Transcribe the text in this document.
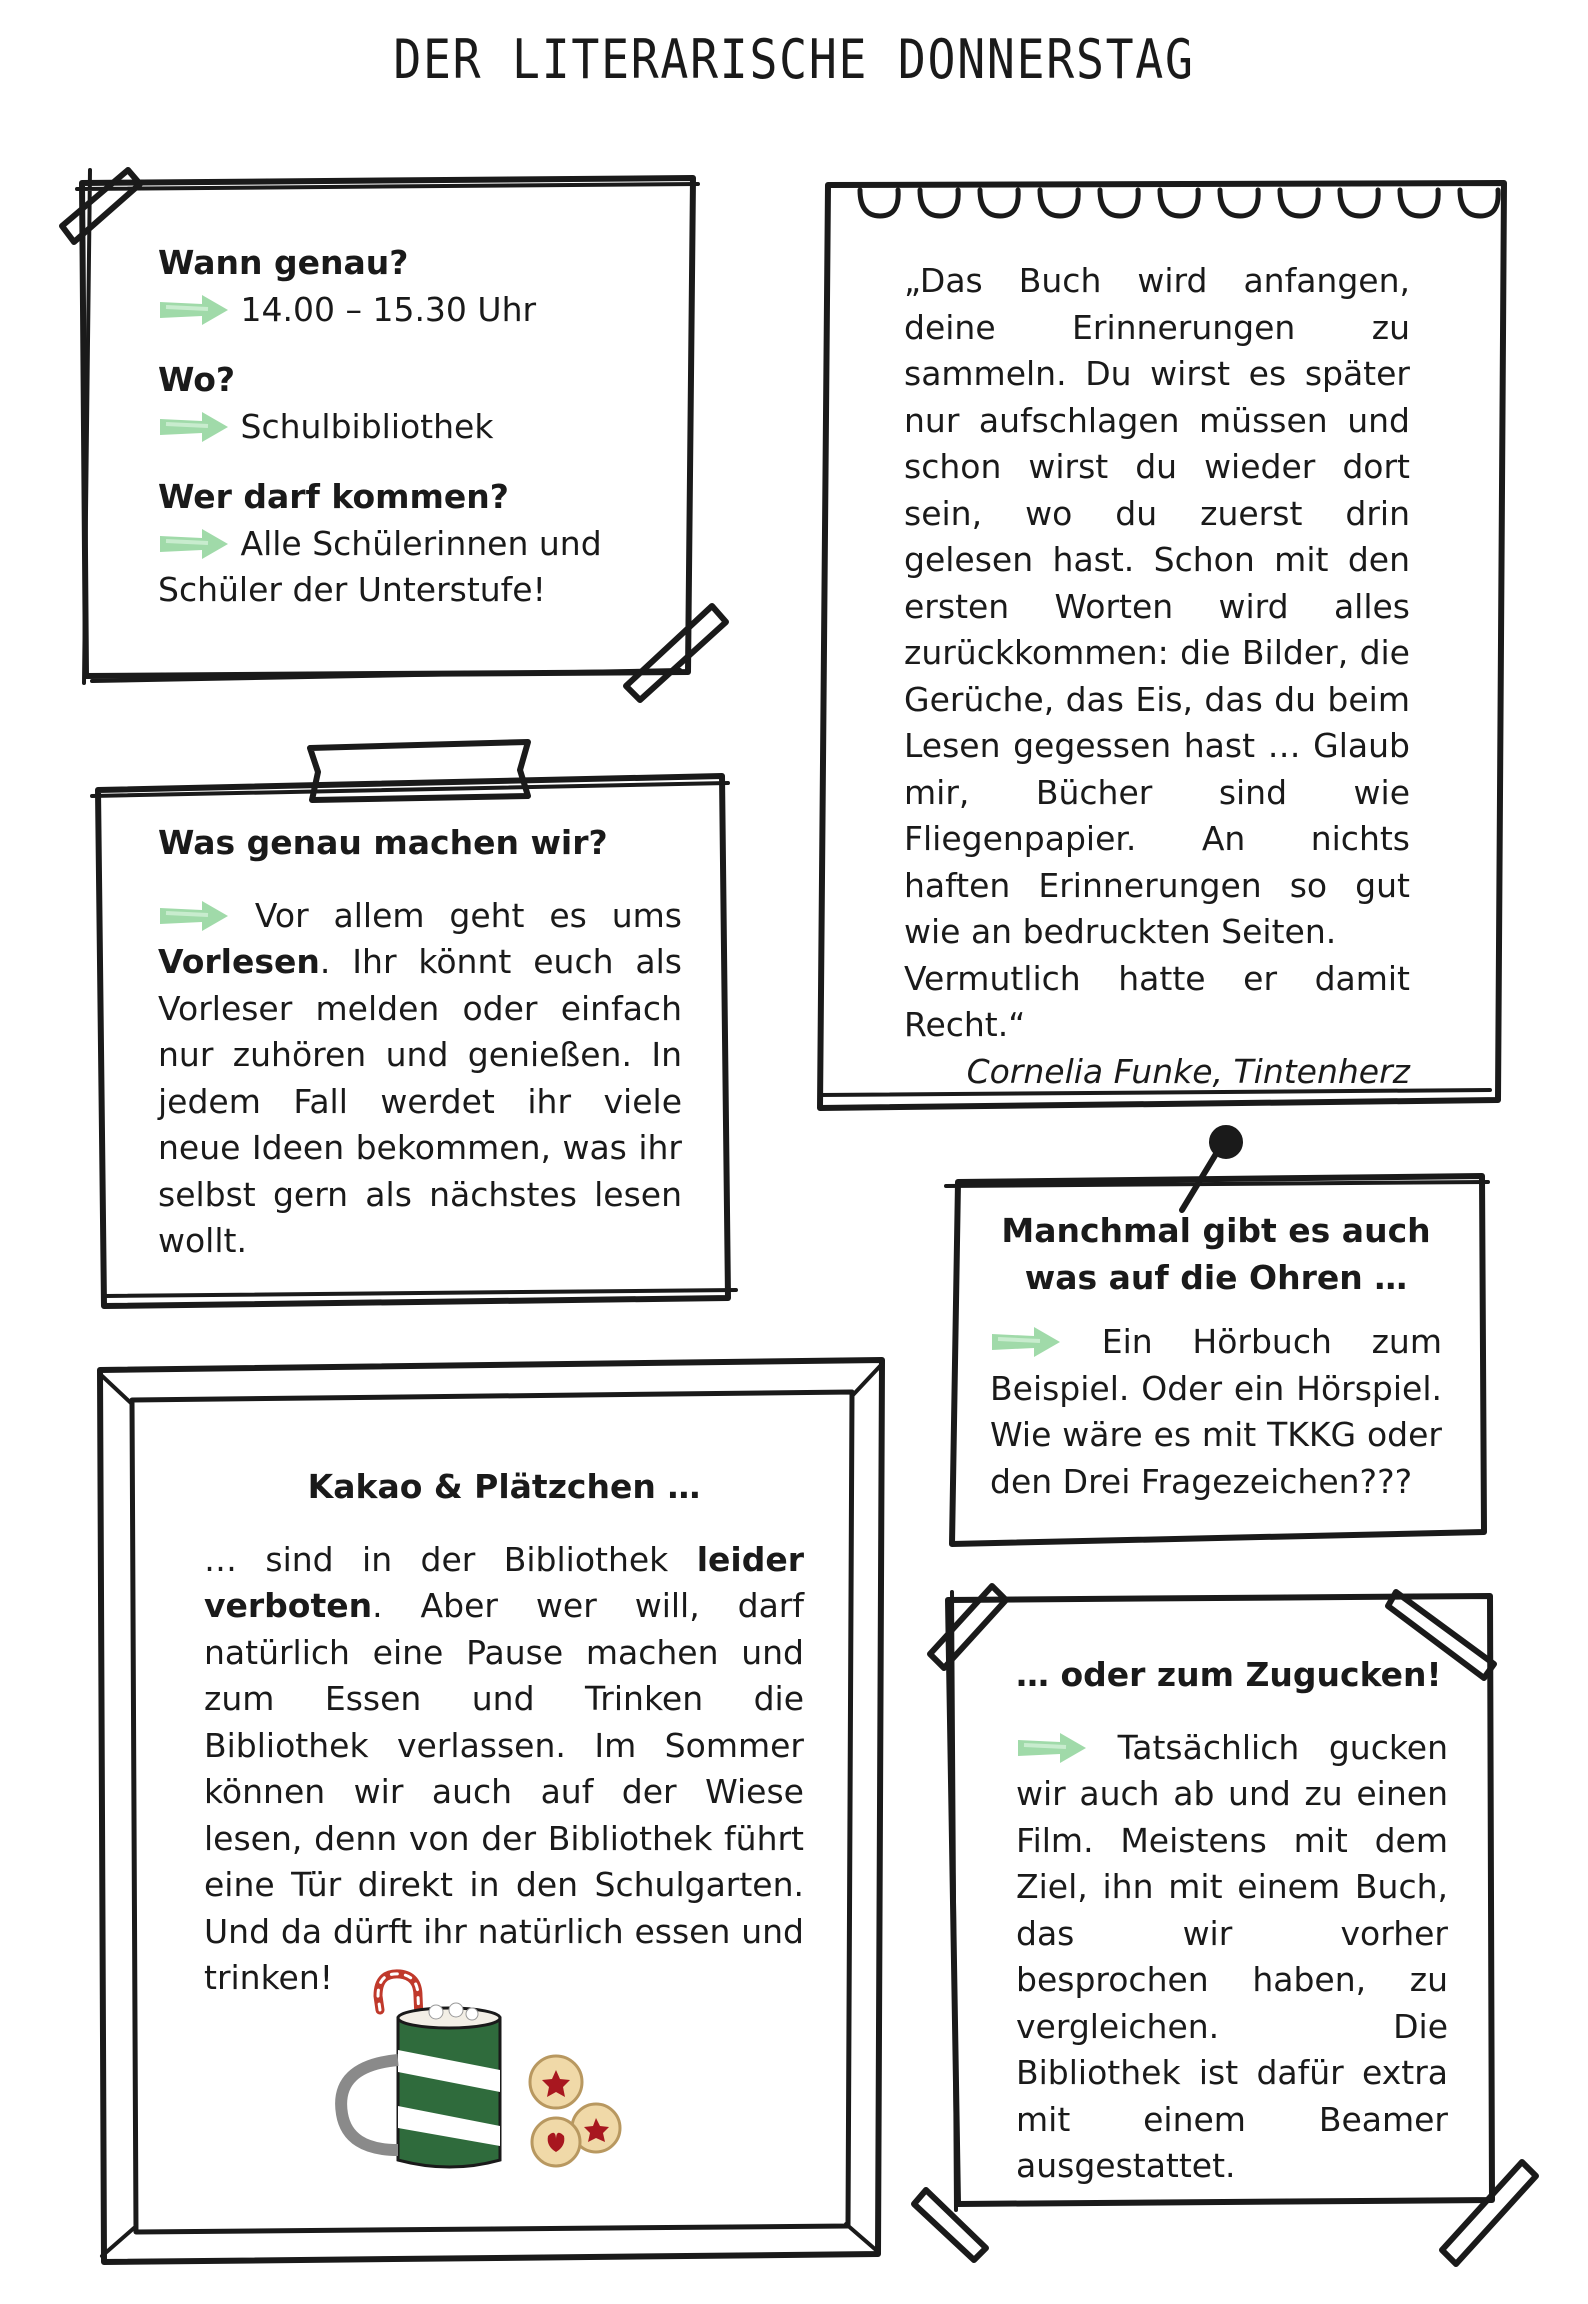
DER LITERARISCHE DONNERSTAG

Wann genau?

14.00 – 15.30 Uhr

Wo?

Schulbibliothek

Wer darf kommen?

Alle Schülerinnen und

Schüler der Unterstufe!

„Das Buch wird anfangen, deine Erinnerungen zu sammeln. Du wirst es später nur aufschlagen müssen und schon wirst du wieder dort sein, wo du zuerst drin gelesen hast. Schon mit den ersten Worten wird alles zurückkommen: die Bilder, die Gerüche, das Eis, das du beim Lesen gegessen hast … Glaub mir, Bücher sind wie Fliegenpapier. An nichts haften Erinnerungen so gut wie an bedruckten Seiten.

Vermutlich hatte er damit Recht.“

Cornelia Funke, Tintenherz

Was genau machen wir?

Vor allem geht es ums Vorlesen. Ihr könnt euch als Vorleser melden oder einfach nur zuhören und genießen. In jedem Fall werdet ihr viele neue Ideen bekommen, was ihr selbst gern als nächstes lesen wollt.	Manchmal gibt es auch

was auf die Ohren …

Ein Hörbuch zum Beispiel. Oder ein Hörspiel. Wie wäre es mit TKKG oder den Drei Fragezeichen???

Kakao & Plätzchen …

… sind in der Bibliothek leider verboten. Aber wer will, darf natürlich eine Pause machen und zum Essen und Trinken die Bibliothek verlassen. Im Sommer können wir auch auf der Wiese lesen, denn von der Bibliothek führt eine Tür direkt in den Schulgarten. Und da dürft ihr natürlich essen und trinken!

… oder zum Zugucken!

Tatsächlich gucken wir auch ab und zu einen Film. Meistens mit dem Ziel, ihn mit einem Buch, das wir vorher besprochen haben, zu vergleichen. Die Bibliothek ist dafür extra mit einem Beamer ausgestattet.
